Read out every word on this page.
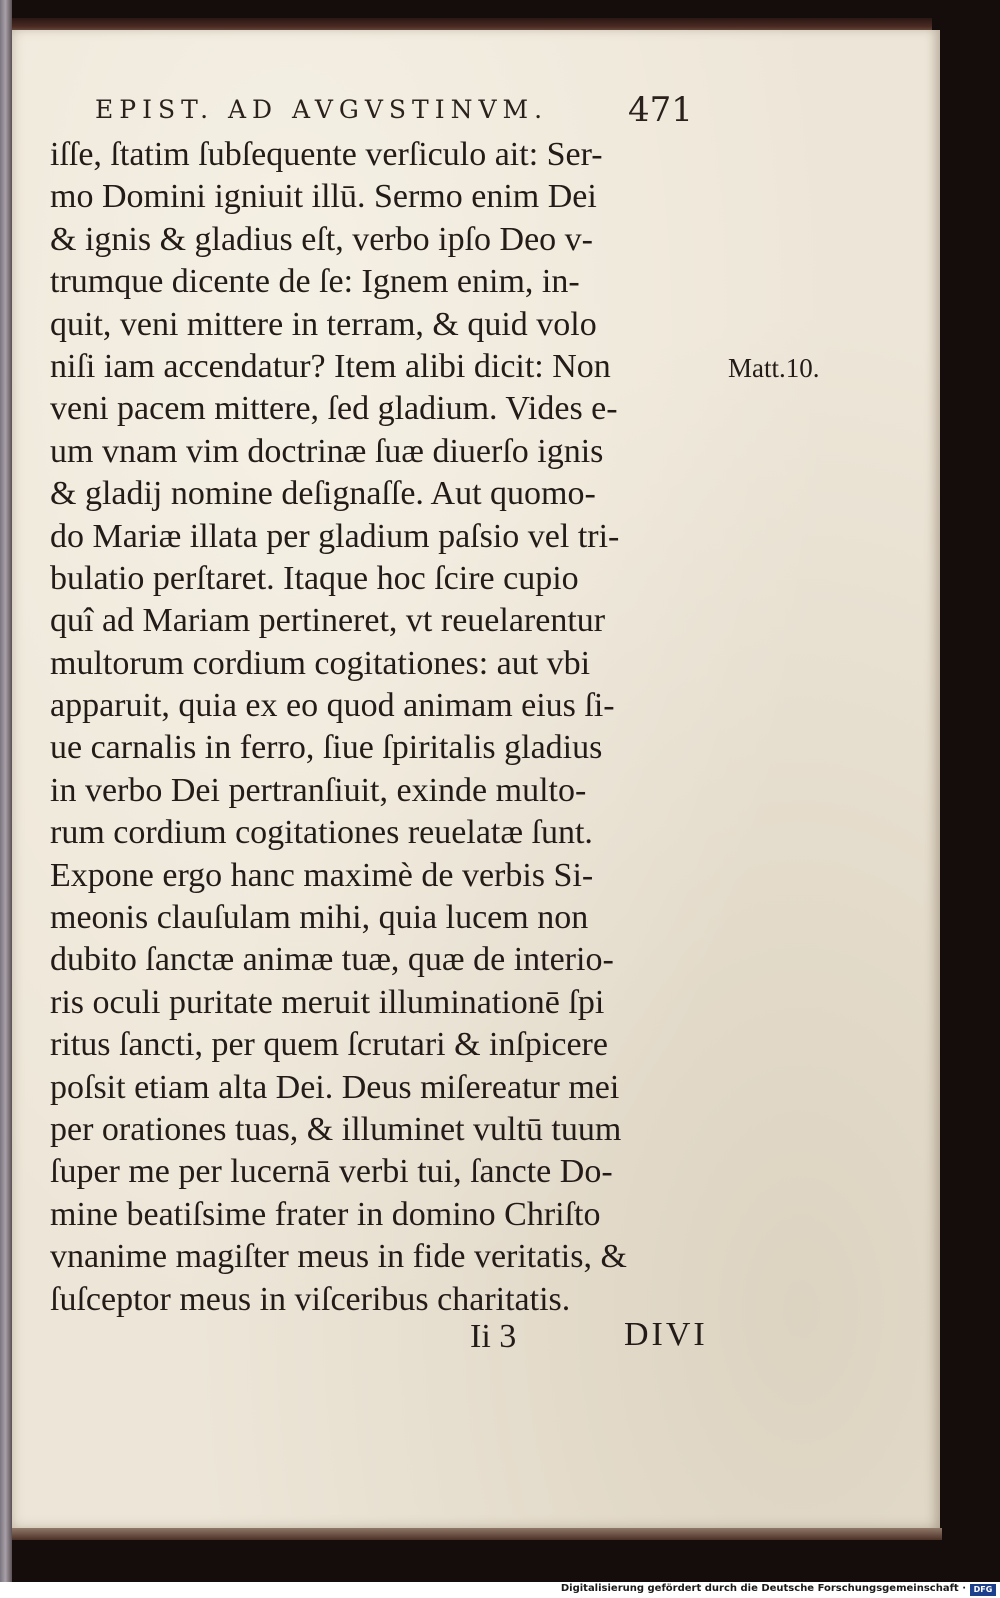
EPIST. AD AVGVSTINVM. 471
iſſe, ſtatim ſubſequente verſiculo ait: Ser-
mo Domini igniuit illū. Sermo enim Dei
& ignis & gladius eſt, verbo ipſo Deo v-
trumque dicente de ſe: Ignem enim, in-
quit, veni mittere in terram, & quid volo
niſi iam accendatur? Item alibi dicit: Non
veni pacem mittere, ſed gladium. Vides e-
um vnam vim doctrinæ ſuæ diuerſo ignis
& gladij nomine deſignaſſe. Aut quomo-
do Mariæ illata per gladium paſsio vel tri-
bulatio perſtaret. Itaque hoc ſcire cupio
quî ad Mariam pertineret, vt reuelarentur
multorum cordium cogitationes: aut vbi
apparuit, quia ex eo quod animam eius ſi-
ue carnalis in ferro, ſiue ſpiritalis gladius
in verbo Dei pertranſiuit, exinde multo-
rum cordium cogitationes reuelatæ ſunt.
Expone ergo hanc maximè de verbis Si-
meonis clauſulam mihi, quia lucem non
dubito ſanctæ animæ tuæ, quæ de interio-
ris oculi puritate meruit illuminationē ſpi
ritus ſancti, per quem ſcrutari & inſpicere
poſsit etiam alta Dei. Deus miſereatur mei
per orationes tuas, & illuminet vultū tuum
ſuper me per lucernā verbi tui, ſancte Do-
mine beatiſsime frater in domino Chriſto
vnanime magiſter meus in fide veritatis, &
ſuſceptor meus in viſceribus charitatis.
Matt.10.
Ii 3	DIVI
Digitalisierung gefördert durch die Deutsche Forschungsgemeinschaft · DFG
